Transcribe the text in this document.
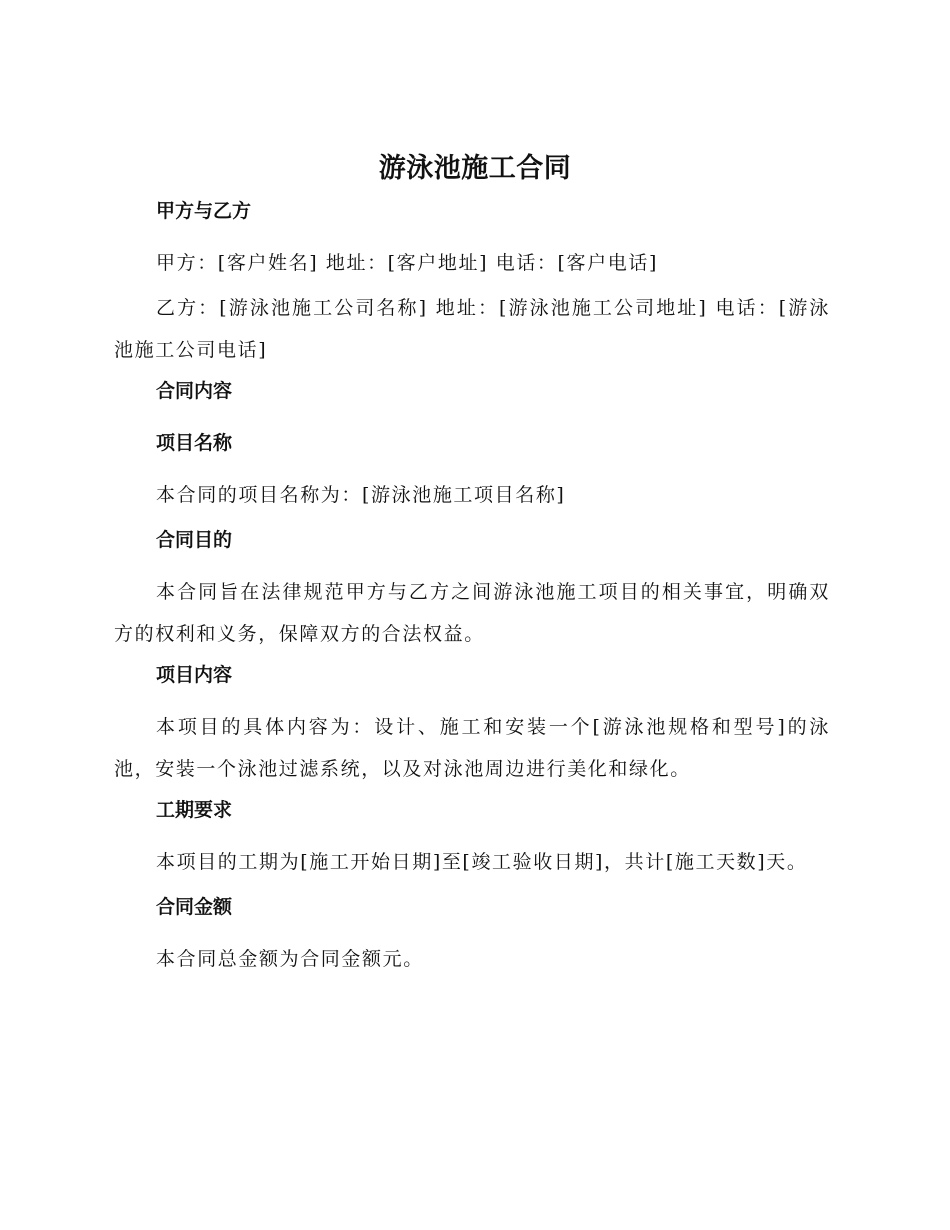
游泳池施工合同
甲方与乙方
甲方：[客户姓名] 地址：[客户地址] 电话：[客户电话]
乙方：[游泳池施工公司名称] 地址：[游泳池施工公司地址] 电话：[游泳池施工公司电话]
合同内容
项目名称
本合同的项目名称为：[游泳池施工项目名称]
合同目的
本合同旨在法律规范甲方与乙方之间游泳池施工项目的相关事宜，明确双方的权利和义务，保障双方的合法权益。
项目内容
本项目的具体内容为：设计、施工和安装一个[游泳池规格和型号]的泳池，安装一个泳池过滤系统，以及对泳池周边进行美化和绿化。
工期要求
本项目的工期为[施工开始日期]至[竣工验收日期]，共计[施工天数]天。
合同金额
本合同总金额为合同金额元。
